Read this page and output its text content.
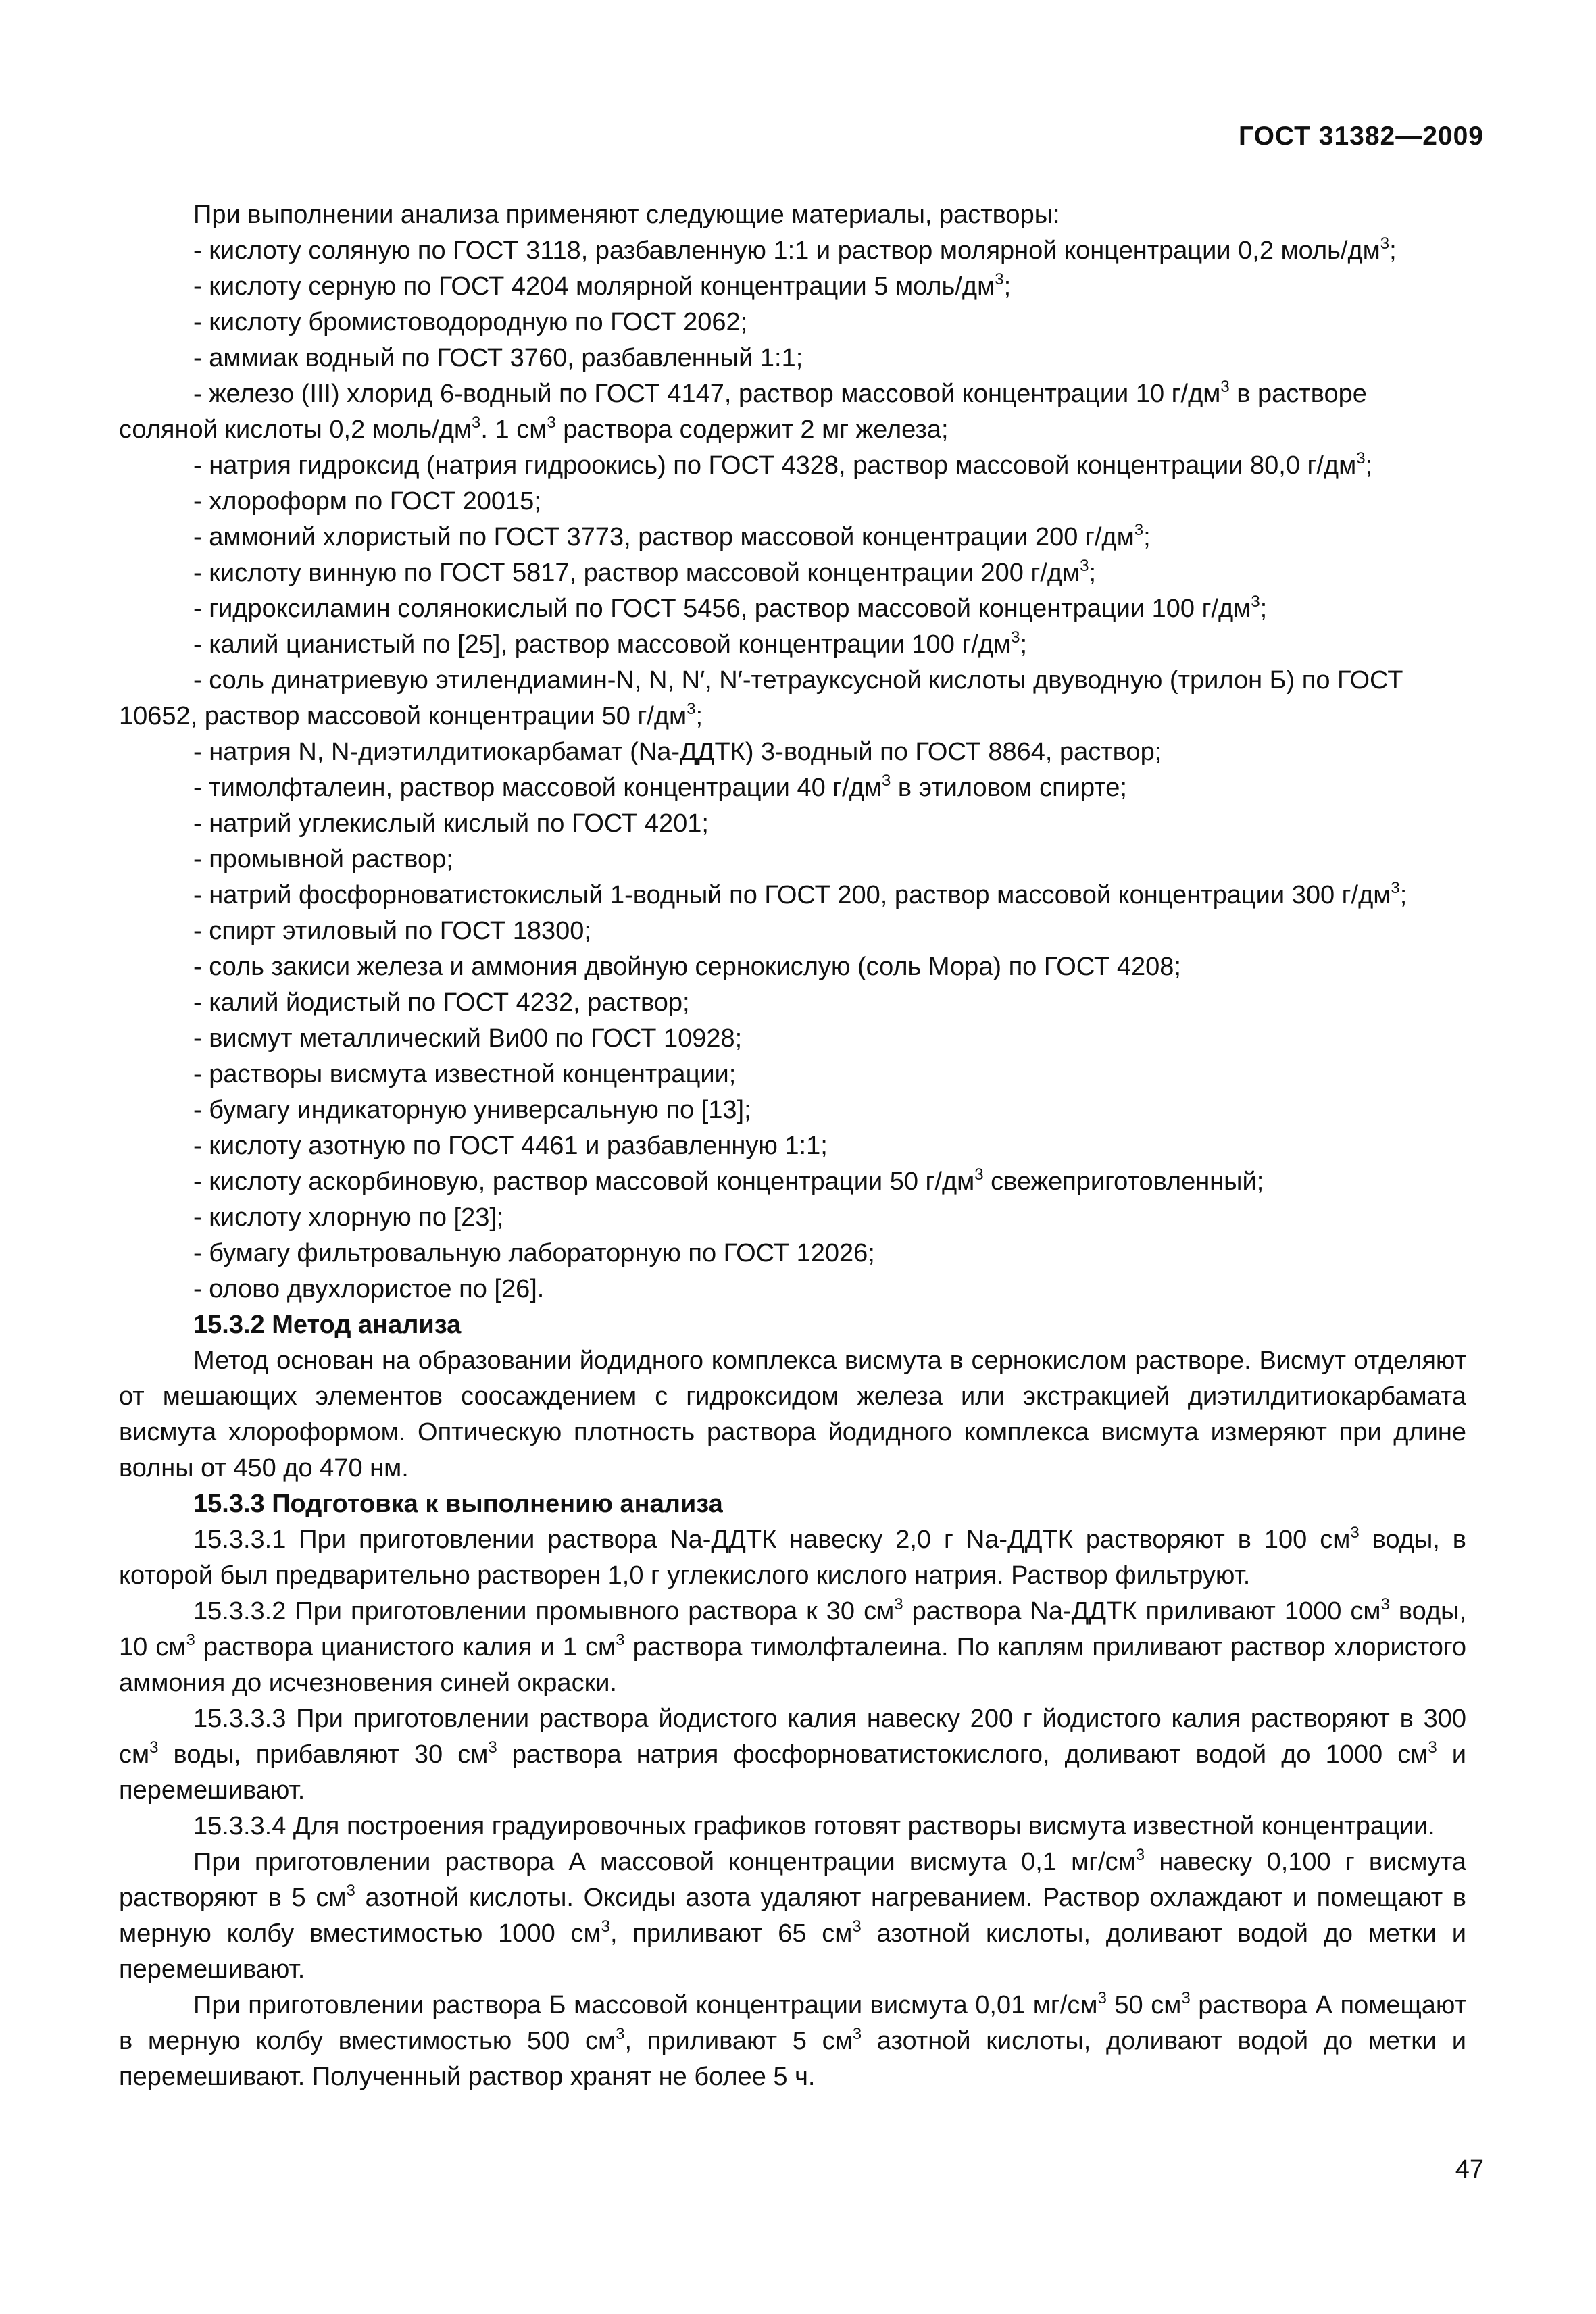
ГОСТ 31382—2009

При выполнении анализа применяют следующие материалы, растворы:

- кислоту соляную по ГОСТ 3118, разбавленную 1:1 и раствор молярной концентрации 0,2 моль/$дм^3$;

- кислоту серную по ГОСТ 4204 молярной концентрации 5 моль/$дм^3$;

- кислоту бромистоводородную по ГОСТ 2062;

- аммиак водный по ГОСТ 3760, разбавленный 1:1;

- железо (III) хлорид 6-водный по ГОСТ 4147, раствор массовой концентрации 10 $г/дм^3$ в растворе соляной кислоты 0,2 моль/$дм^3$. 1 $см^3$ раствора содержит 2 мг железа;

- натрия гидроксид (натрия гидроокись) по ГОСТ 4328, раствор массовой концентрации 80,0 $г/дм^3$;

- хлороформ по ГОСТ 20015;

- аммоний хлористый по ГОСТ 3773, раствор массовой концентрации 200 $г/дм^3$;

- кислоту винную по ГОСТ 5817, раствор массовой концентрации 200 $г/дм^3$;

- гидроксиламин солянокислый по ГОСТ 5456, раствор массовой концентрации 100 $г/дм^3$;

- калий цианистый по [25], раствор массовой концентрации 100 $г/дм^3$;

- соль динатриевую этилендиамин-N, N, N′, N′-тетрауксусной кислоты двуводную (трилон Б) по ГОСТ 10652, раствор массовой концентрации 50 $г/дм^3$;

- натрия N, N-диэтилдитиокарбамат (Na-ДДТК) 3-водный по ГОСТ 8864, раствор;

- тимолфталеин, раствор массовой концентрации 40 $г/дм^3$ в этиловом спирте;

- натрий углекислый кислый по ГОСТ 4201;

- промывной раствор;

- натрий фосфорноватистокислый 1-водный по ГОСТ 200, раствор массовой концентрации 300 $г/дм^3$;

- спирт этиловый по ГОСТ 18300;

- соль закиси железа и аммония двойную сернокислую (соль Мора) по ГОСТ 4208;

- калий йодистый по ГОСТ 4232, раствор;

- висмут металлический Ви00 по ГОСТ 10928;

- растворы висмута известной концентрации;

- бумагу индикаторную универсальную по [13];

- кислоту азотную по ГОСТ 4461 и разбавленную 1:1;

- кислоту аскорбиновую, раствор массовой концентрации 50 $г/дм^3$ свежеприготовленный;

- кислоту хлорную по [23];

- бумагу фильтровальную лабораторную по ГОСТ 12026;

- олово двухлористое по [26].

15.3.2 Метод анализа

Метод основан на образовании йодидного комплекса висмута в сернокислом растворе. Висмут отделяют от мешающих элементов соосаждением с гидроксидом железа или экстракцией диэтилдитиокарбамата висмута хлороформом. Оптическую плотность раствора йодидного комплекса висмута измеряют при длине волны от 450 до 470 нм.

15.3.3 Подготовка к выполнению анализа

15.3.3.1 При приготовлении раствора Na-ДДТК навеску 2,0 г Na-ДДТК растворяют в 100 $см^3$ воды, в которой был предварительно растворен 1,0 г углекислого кислого натрия. Раствор фильтруют.

15.3.3.2 При приготовлении промывного раствора к 30 $см^3$ раствора Na-ДДТК приливают 1000 $см^3$ воды, 10 $см^3$ раствора цианистого калия и 1 $см^3$ раствора тимолфталеина. По каплям приливают раствор хлористого аммония до исчезновения синей окраски.

15.3.3.3 При приготовлении раствора йодистого калия навеску 200 г йодистого калия растворяют в 300 $см^3$ воды, прибавляют 30 $см^3$ раствора натрия фосфорноватистокислого, доливают водой до 1000 $см^3$ и перемешивают.

15.3.3.4 Для построения градуировочных графиков готовят растворы висмута известной концентрации.

При приготовлении раствора А массовой концентрации висмута 0,1 $мг/см^3$ навеску 0,100 г висмута растворяют в 5 $см^3$ азотной кислоты. Оксиды азота удаляют нагреванием. Раствор охлаждают и помещают в мерную колбу вместимостью 1000 $см^3$, приливают 65 $см^3$ азотной кислоты, доливают водой до метки и перемешивают.

При приготовлении раствора Б массовой концентрации висмута 0,01 $мг/см^3$ 50 $см^3$ раствора А помещают в мерную колбу вместимостью 500 $см^3$, приливают 5 $см^3$ азотной кислоты, доливают водой до метки и перемешивают. Полученный раствор хранят не более 5 ч.

47
